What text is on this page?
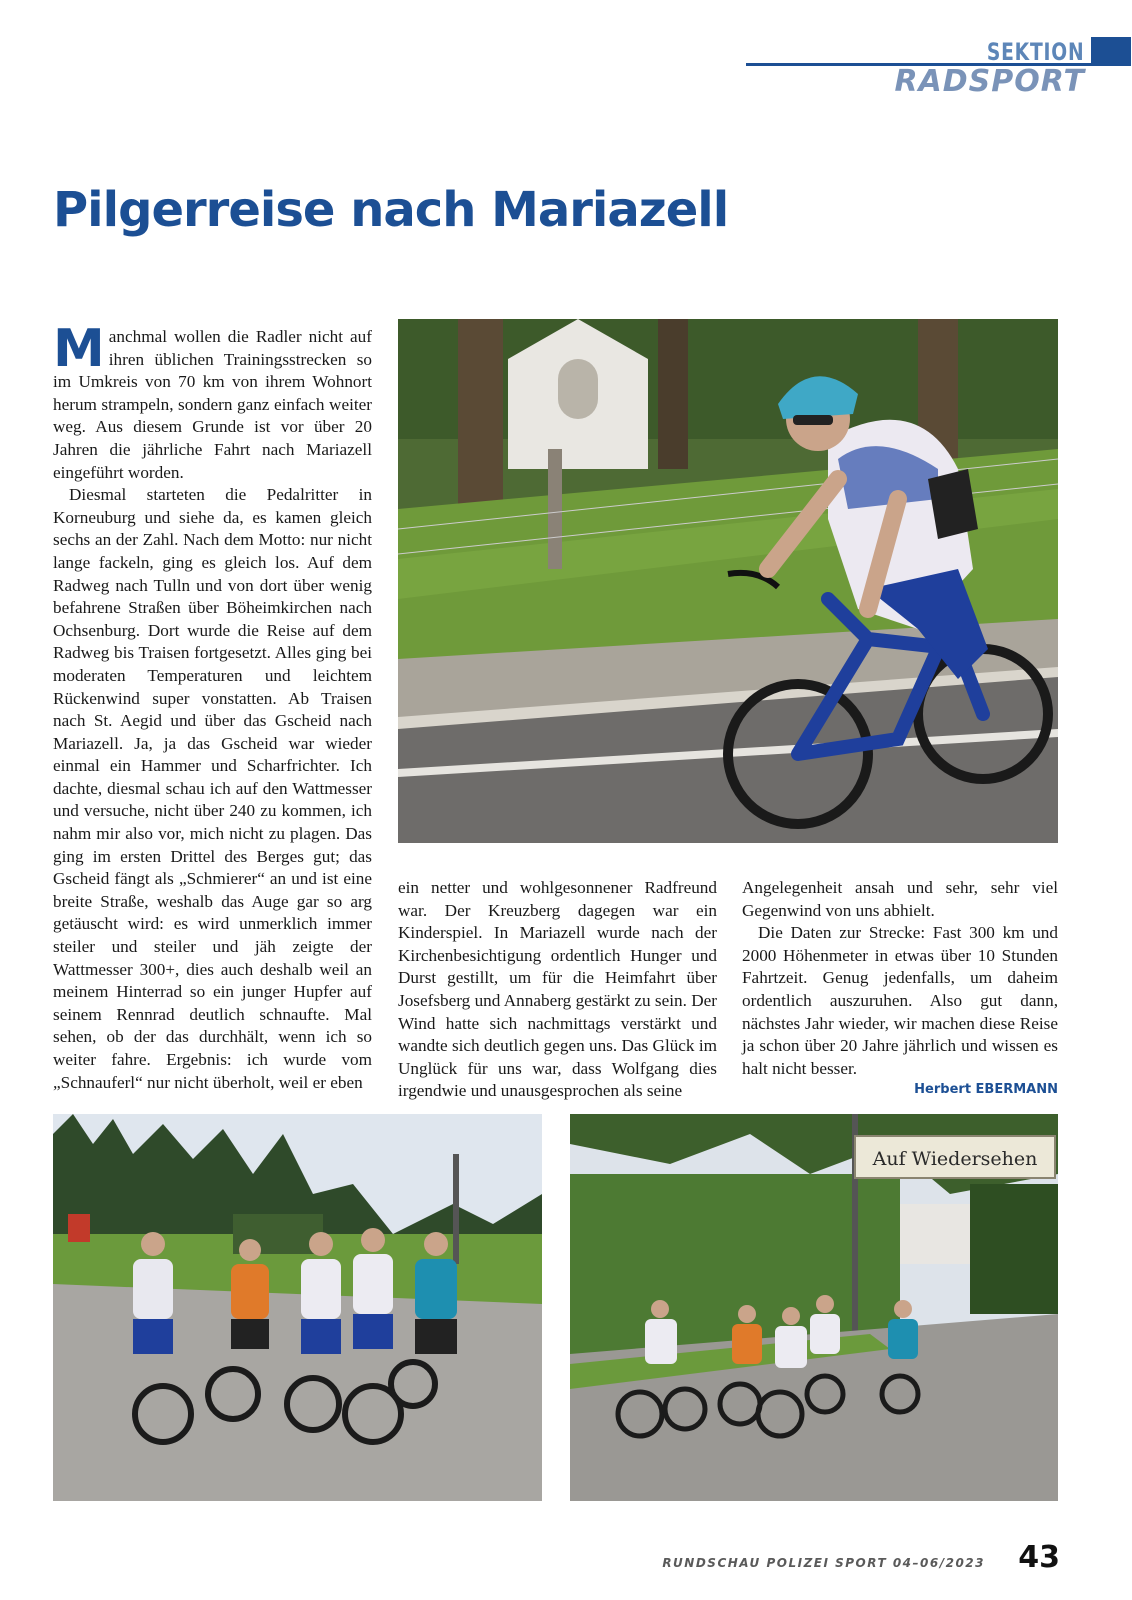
SEKTION
RADSPORT
Pilgerreise nach Mariazell

Manchmal wollen die Radler nicht auf ihren üblichen Trainingsstrecken so im Umkreis von 70 km von ihrem Wohnort herum strampeln, sondern ganz einfach weiter weg. Aus diesem Grunde ist vor über 20 Jahren die jährliche Fahrt nach Mariazell eingeführt worden.

Diesmal starteten die Pedalritter in Korneuburg und siehe da, es kamen gleich sechs an der Zahl. Nach dem Motto: nur nicht lange fackeln, ging es gleich los. Auf dem Radweg nach Tulln und von dort über wenig befahrene Straßen über Böheimkirchen nach Ochsenburg. Dort wurde die Reise auf dem Radweg bis Traisen fortgesetzt. Alles ging bei moderaten Temperaturen und leichtem Rückenwind super vonstatten. Ab Traisen nach St. Aegid und über das Gscheid nach Mariazell. Ja, ja das Gscheid war wieder einmal ein Hammer und Scharfrichter. Ich dachte, diesmal schau ich auf den Wattmesser und versuche, nicht über 240 zu kommen, ich nahm mir also vor, mich nicht zu plagen. Das ging im ersten Drittel des Berges gut; das Gscheid fängt als „Schmierer“ an und ist eine breite Straße, weshalb das Auge gar so arg getäuscht wird: es wird unmerklich immer steiler und steiler und jäh zeigte der Wattmesser 300+, dies auch deshalb weil an meinem Hinterrad so ein junger Hupfer auf seinem Rennrad deutlich schnaufte. Mal sehen, ob der das durchhält, wenn ich so weiter fahre. Ergebnis: ich wurde vom „Schnauferl“ nur nicht überholt, weil er eben

ein netter und wohlgesonnener Radfreund war. Der Kreuzberg dagegen war ein Kinderspiel. In Mariazell wurde nach der Kirchenbesichtigung ordentlich Hunger und Durst gestillt, um für die Heimfahrt über Josefsberg und Annaberg gestärkt zu sein. Der Wind hatte sich nachmittags verstärkt und wandte sich deutlich gegen uns. Das Glück im Unglück für uns war, dass Wolfgang dies irgendwie und unausgesprochen als seine

Angelegenheit ansah und sehr, sehr viel Gegenwind von uns abhielt.

Die Daten zur Strecke: Fast 300 km und 2000 Höhenmeter in etwas über 10 Stunden Fahrtzeit. Genug jedenfalls, um daheim ordentlich auszuruhen. Also gut dann, nächstes Jahr wieder, wir machen diese Reise ja schon über 20 Jahre jährlich und wissen es halt nicht besser.

Herbert EBERMANN
Auf Wiedersehen
RUNDSCHAU POLIZEI SPORT 04–06/2023	43
